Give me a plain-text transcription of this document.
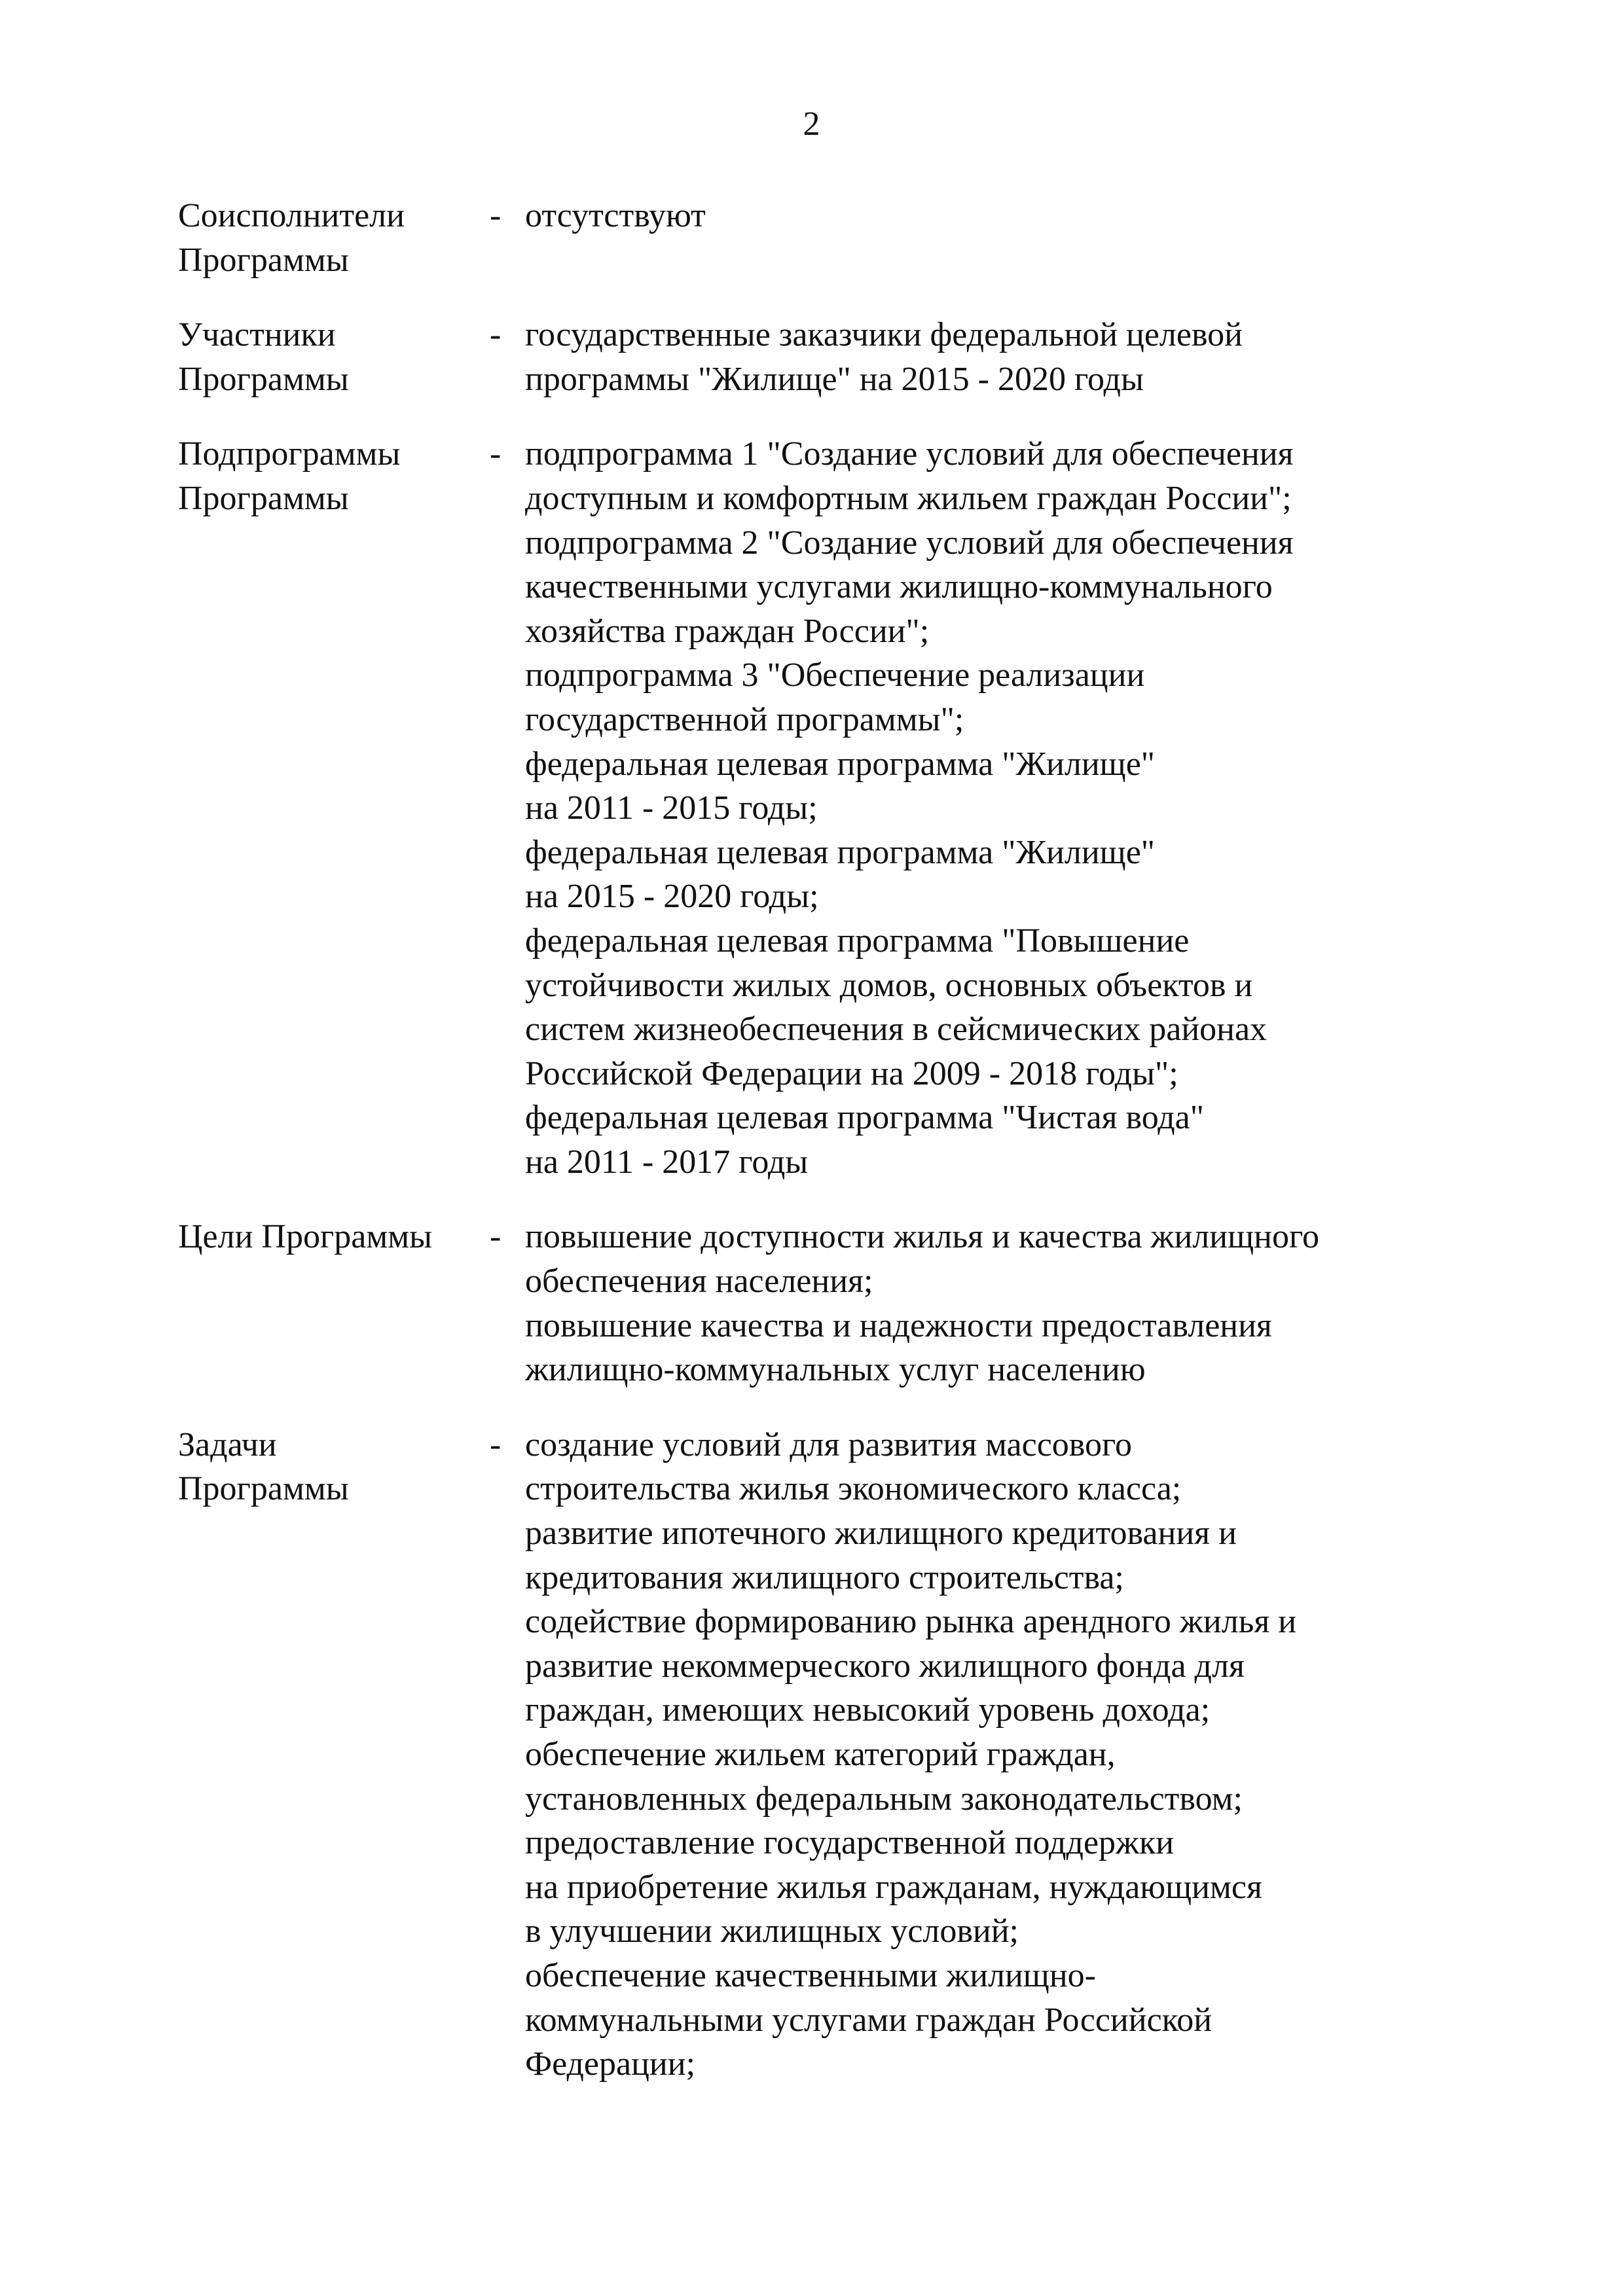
2
Соисполнители
Программы
- отсутствуют
Участники
Программы
- государственные заказчики федеральной целевой
программы "Жилище" на 2015 - 2020 годы
Подпрограммы
Программы
- подпрограмма 1 "Создание условий для обеспечения
доступным и комфортным жильем граждан России";
подпрограмма 2 "Создание условий для обеспечения
качественными услугами жилищно-коммунального
хозяйства граждан России";
подпрограмма 3 "Обеспечение реализации
государственной программы";
федеральная целевая программа "Жилище"
на 2011 - 2015 годы;
федеральная целевая программа "Жилище"
на 2015 - 2020 годы;
федеральная целевая программа "Повышение
устойчивости жилых домов, основных объектов и
систем жизнеобеспечения в сейсмических районах
Российской Федерации на 2009 - 2018 годы";
федеральная целевая программа "Чистая вода"
на 2011 - 2017 годы
Цели Программы	- повышение доступности жилья и качества жилищного
обеспечения населения;
повышение качества и надежности предоставления
жилищно-коммунальных услуг населению
Задачи
Программы
- создание условий для развития массового
строительства жилья экономического класса;
развитие ипотечного жилищного кредитования и
кредитования жилищного строительства;
содействие формированию рынка арендного жилья и
развитие некоммерческого жилищного фонда для
граждан, имеющих невысокий уровень дохода;
обеспечение жильем категорий граждан,
установленных федеральным законодательством;
предоставление государственной поддержки
на приобретение жилья гражданам, нуждающимся
в улучшении жилищных условий;
обеспечение качественными жилищно-
коммунальными услугами граждан Российской
Федерации;
